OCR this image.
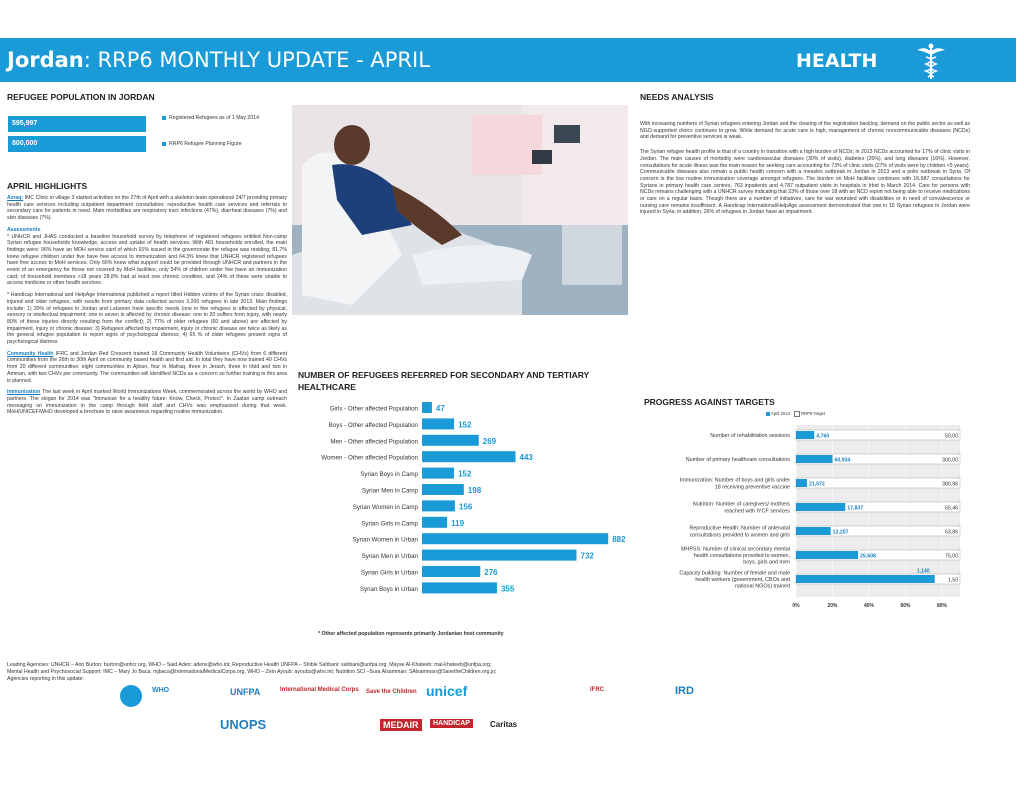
Jordan: RRP6 MONTHLY UPDATE - APRIL	HEALTH
REFUGEE POPULATION IN JORDAN
595,997
Registered Refugees as of 1 May 2014
800,000	RRP6 Refugee Planning Figure
APRIL HIGHLIGHTS

Azraq: IMC Clinic in village 3 started activities on the 27th of April with a skeleton team operational 24/7 providing primary health care services including outpatient department consultation; reproductive health care services and referrals to secondary care for patients in need. Main morbidities are respiratory tract infections (47%), diarrheal diseases (7%) and skin diseases (7%).

Assessments

* UNHCR and JHAS conducted a baseline household survey by telephone of registered refugees entitled Non-camp Syrian refugee households knowledge, access and uptake of health services. With 481 households enrolled, the main findings were: 96% have an MOH service card of which 91% issued in the governorate the refugee was residing; 81.7% knew refugee children under five have free access to immunization and 64.3% knew that UNHCR registered refugees have free access to MoH services. Only 66% knew what support could be provided through UNHCR and partners in the event of an emergency for those not covered by MoH facilities; only 54% of children under five have an immunization card; of household members >18 years 28.8% had at least one chronic condition, and 24% of these were unable to access medicine or other health services.

* Handicap International and HelpAge International published a report titled Hidden victims of the Syrian crisis: disabled, injured and older refugees, with results from primary data collected across 3,200 refugees in late 2013. Main findings include: 1) 30% of refugees in Jordan and Lebanon have specific needs (one in five refugees is affected by physical, sensory or intellectual impairment; one in seven is affected by chronic disease; one in 20 suffers from injury, with nearly 80% of these injuries directly resulting from the conflict); 2) 77% of older refugees (60 and above) are affected by impairment, injury or chronic disease; 3) Refugees affected by impairment, injury or chronic disease are twice as likely as the general refugee population to report signs of psychological distress; 4) 65 % of older refugees present signs of psychological distress

Community Health IFRC and Jordan Red Crescent trained 18 Community Health Volunteers (CHVs) from 6 different communities from the 26th to 30th April on community based health and first aid. In total they have now trained 40 CHVs from 20 different communities: eight communities in Ajloun, four in Mafraq, three in Jerash, three in Irbid and two in Amman, with two CHVs per community. The communities will identified NCDs as a concern so further training in this area is planned.

Immunization The last week in April marked World Immunizations Week, commemorated across the world by WHO and partners. The slogan for 2014 was "Immunize for a healthy future: Know, Check, Protect". In Zaatari camp outreach messaging on immunization in the camp through field staff and CHVs was emphasized during that week. MoH/UNICEF/WHO developed a brochure to raise awareness regarding routine immunization.

NUMBER OF REFUGEES REFERRED FOR SECONDARY AND TERTIARY HEALTHCARE
Girls - Other affected Population 47
Boys - Other affected Population	152
Men - Other affected Population	269
Women - Other affected Population	443
Syrian Boys in Camp	152
Syrian Men in Camp	198
Syrian Women in Camp	156
Syrian Girls in Camp	119
Syrian Women in Urban	882
Syrian Men in Urban	732
Syrian Girls in Urban	276
Syrian Boys in Urban	355
* Other affected population represents primarily Jordanian host community
NEEDS ANALYSIS

With increasing numbers of Syrian refugees entering Jordan and the clearing of the registration backlog, demand on the public sector as well as NGO-supported clinics continues to grow. While demand for acute care is high, management of chronic noncommunicable diseases (NCDs) and demand for preventive services is weak.

The Syrian refugee health profile is that of a country in transition with a high burden of NCDs; in 2013 NCDs accounted for 17% of clinic visits in Jordan. The main causes of morbidity were cardiovascular diseases (30% of visits), diabetes (26%), and lung diseases (16%). However, consultations for acute illness was the main reason for seeking care accounting for 73% of clinic visits (27% of visits were by children <5 years). Communicable diseases also remain a public health concern with a measles outbreak in Jordan in 2013 and a polio outbreak in Syria. Of concern is the low routine immunization coverage amongst refugees. The burden on MoH facilities continues with 16,687 consultations for Syrians in primary health care centres, 763 inpatients and 4,787 outpatient visits in hospitals in Irbid in March 2014. Care for persons with NCDs remains challenging with a UNHCR survey indicating that 23% of those over 18 with an NCD report not being able to receive medications or care on a regular basis. Though there are a number of initiatives, care for war wounded with disabilities or in need of convalescence or nursing care remains insufficient. A Handicap International/HelpAge assessment demonstrated that one in 15 Syrian refugees in Jordan were injured in Syria; in addition, 26% of refugees in Jordan have an impairment.

PROGRESS AGAINST TARGETS
April 2014	RRP6 Target
0%	20%	40%	60%	80%
Number of rehabilitation sessions	4,760	50,00
Number of primary healthcare consultations	60,934	300,00
Immunization: Number of boys and girls under
18 receiving preventive vaccine	21,572	380,96
Nutrition: Number of caregivers/ mothers
reached with IYCF services	17,837	65,46
Reproductive Health: Number of antenatal
consultations provided to women and girls	12,207	63,86
MHPSS: Number of clinical secondary mental
health consultations provided to women,
boys, girls and men
25,608	75,00
Capacity building: Number of female and male
health workers (government, CBOs and
national NGOs) trained
1,140
1,50
Leading Agencies: UNHCR – Ann Burton: burton@unhcr.org, WHO – Said Aden: adens@who.int; Reproductive Health UNFPA – Shible Sahbani: sahbani@unfpa.org, Mayse Al-Khateeb: mal-khateeb@unfpa.org;
Mental Health and Psychosocial Support: IMC – Mary Jo Baca: mjbaca@InternationalMedicalCorps.org, WHO – Zein Ayoub: ayoubz@who.int; Nutrition SCI –Sura Alsamman: SAlsamman@SavetheChildren.org.jo;
Agencies reporting in this update:
WHO	UNFPA	International Medical Corps Save the Children unicef	IFRC	IRD
UNOPS	MEDAIR	HANDICAP	Caritas
